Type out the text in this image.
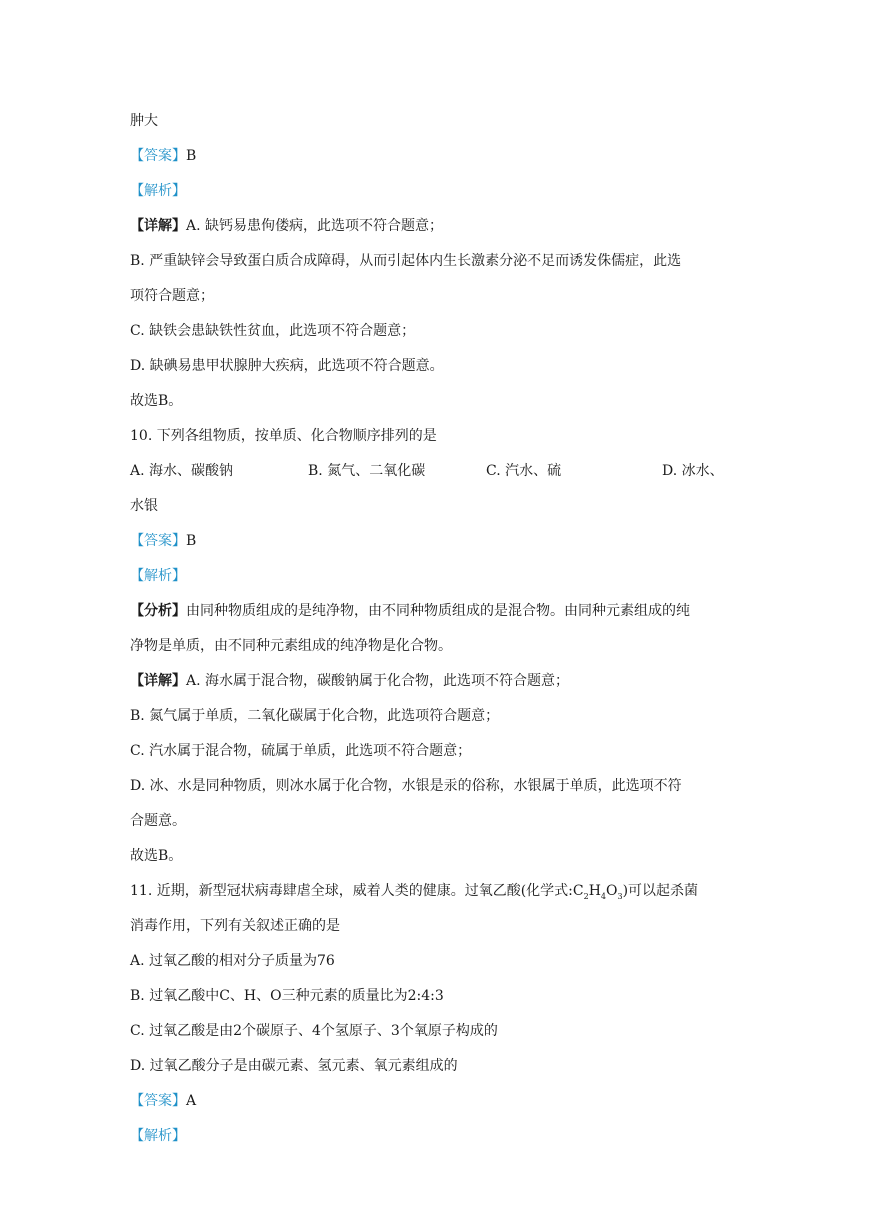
肿大
【答案】B
【解析】
【详解】A. 缺钙易患佝偻病，此选项不符合题意；
B. 严重缺锌会导致蛋白质合成障碍，从而引起体内生长激素分泌不足而诱发侏儒症，此选
项符合题意；
C. 缺铁会患缺铁性贫血，此选项不符合题意；
D. 缺碘易患甲状腺肿大疾病，此选项不符合题意。
故选B。
10. 下列各组物质，按单质、化合物顺序排列的是
A. 海水、碳酸钠	B. 氮气、二氧化碳	C. 汽水、硫	D. 冰水、
水银
【答案】B
【解析】
【分析】由同种物质组成的是纯净物，由不同种物质组成的是混合物。由同种元素组成的纯
净物是单质，由不同种元素组成的纯净物是化合物。
【详解】A. 海水属于混合物，碳酸钠属于化合物，此选项不符合题意；
B. 氮气属于单质，二氧化碳属于化合物，此选项符合题意；
C. 汽水属于混合物，硫属于单质，此选项不符合题意；
D. 冰、水是同种物质，则冰水属于化合物，水银是汞的俗称，水银属于单质，此选项不符
合题意。
故选B。
11. 近期，新型冠状病毒肆虐全球，威着人类的健康。过氧乙酸(化学式$:C_2H_4O_3$)可以起杀菌
消毒作用，下列有关叙述正确的是
A. 过氧乙酸的相对分子质量为76
B. 过氧乙酸中C、H、O三种元素的质量比为2:4:3
C. 过氧乙酸是由2个碳原子、4个氢原子、3个氧原子构成的
D. 过氧乙酸分子是由碳元素、氢元素、氧元素组成的
【答案】A
【解析】
